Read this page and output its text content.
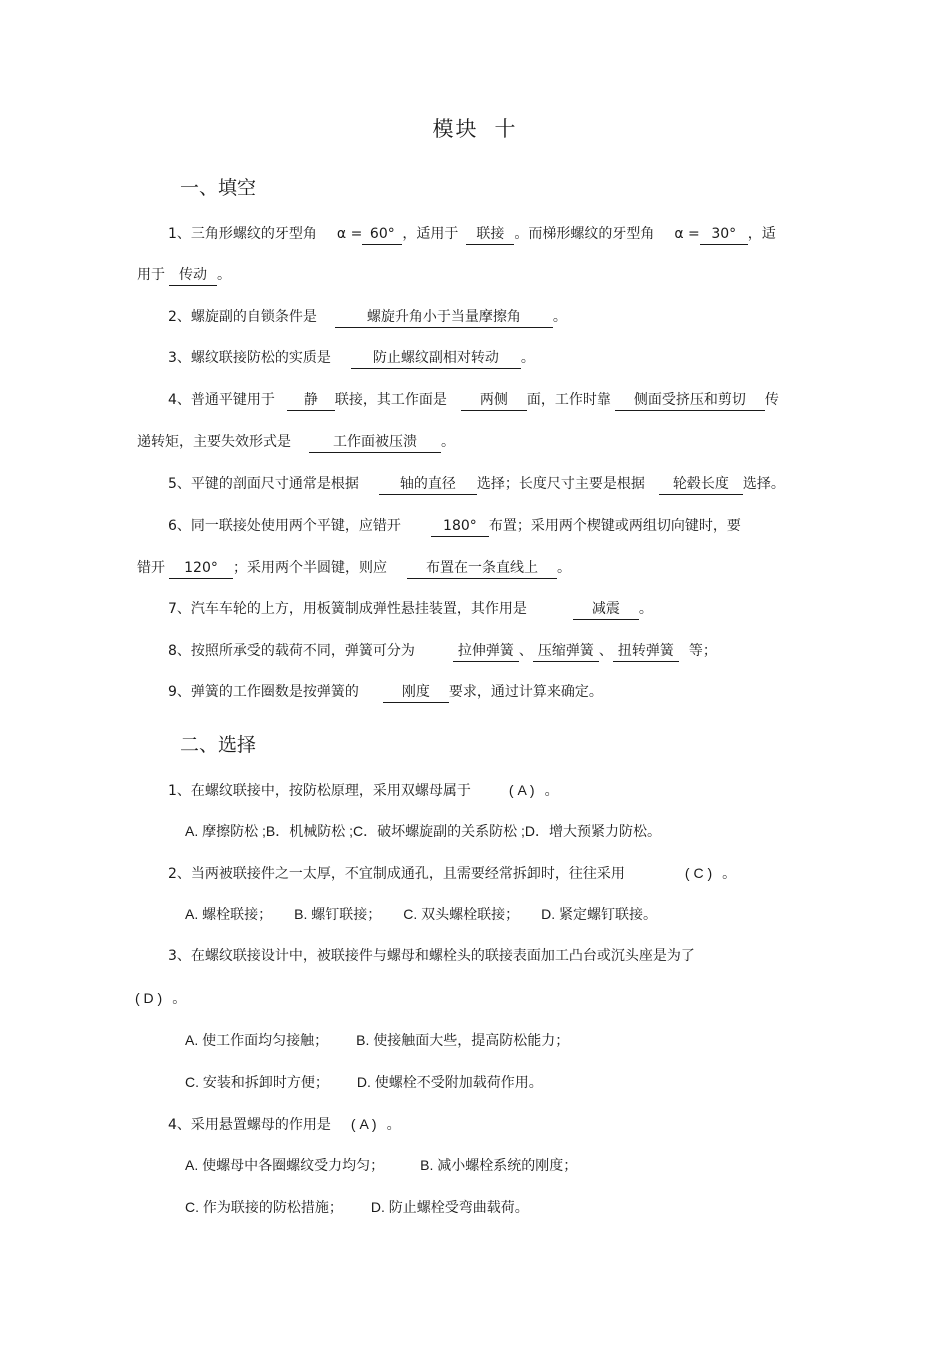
模块 十
一、填空
1、三角形螺纹的牙型角 α = 60° ，适用于 联接 。而梯形螺纹的牙型角 α = 30° ，适
用于 传动 。
2、螺旋副的自锁条件是	螺旋升角小于当量摩擦角 。
3、螺纹联接防松的实质是	防止螺纹副相对转动 。
4、普通平键用于 静 联接，其工作面是 两侧 面，工作时靠 侧面受挤压和剪切 传
递转矩，主要失效形式是	工作面被压溃 。
5、平键的剖面尺寸通常是根据	轴的直径 选择；长度尺寸主要是根据 轮毂长度 选择。
6、同一联接处使用两个平键，应错开	180° 布置；采用两个楔键或两组切向键时，要
错开 120° ；采用两个半圆键，则应	布置在一条直线上 。
7、汽车车轮的上方，用板簧制成弹性悬挂装置，其作用是	减震 。
8、按照所承受的载荷不同，弹簧可分为	拉伸弹簧 、 压缩弹簧 、 扭转弹簧 等；
9、弹簧的工作圈数是按弹簧的	刚度 要求，通过计算来确定。
二、选择
1、在螺纹联接中，按防松原理，采用双螺母属于	( A ) 。
A. 摩擦防松 ;B．机械防松 ;C．破坏螺旋副的关系防松 ;D．增大预紧力防松。
2、当两被联接件之一太厚，不宜制成通孔，且需要经常拆卸时，往往采用	( C ) 。
A. 螺栓联接； B. 螺钉联接； C. 双头螺栓联接； D. 紧定螺钉联接。
3、在螺纹联接设计中，被联接件与螺母和螺栓头的联接表面加工凸台或沉头座是为了
( D ) 。
A. 使工作面均匀接触； B. 使接触面大些，提高防松能力；
C. 安装和拆卸时方便； D. 使螺栓不受附加载荷作用。
4、采用悬置螺母的作用是 ( A ) 。
A. 使螺母中各圈螺纹受力均匀；	B. 减小螺栓系统的刚度；
C. 作为联接的防松措施； D. 防止螺栓受弯曲载荷。
